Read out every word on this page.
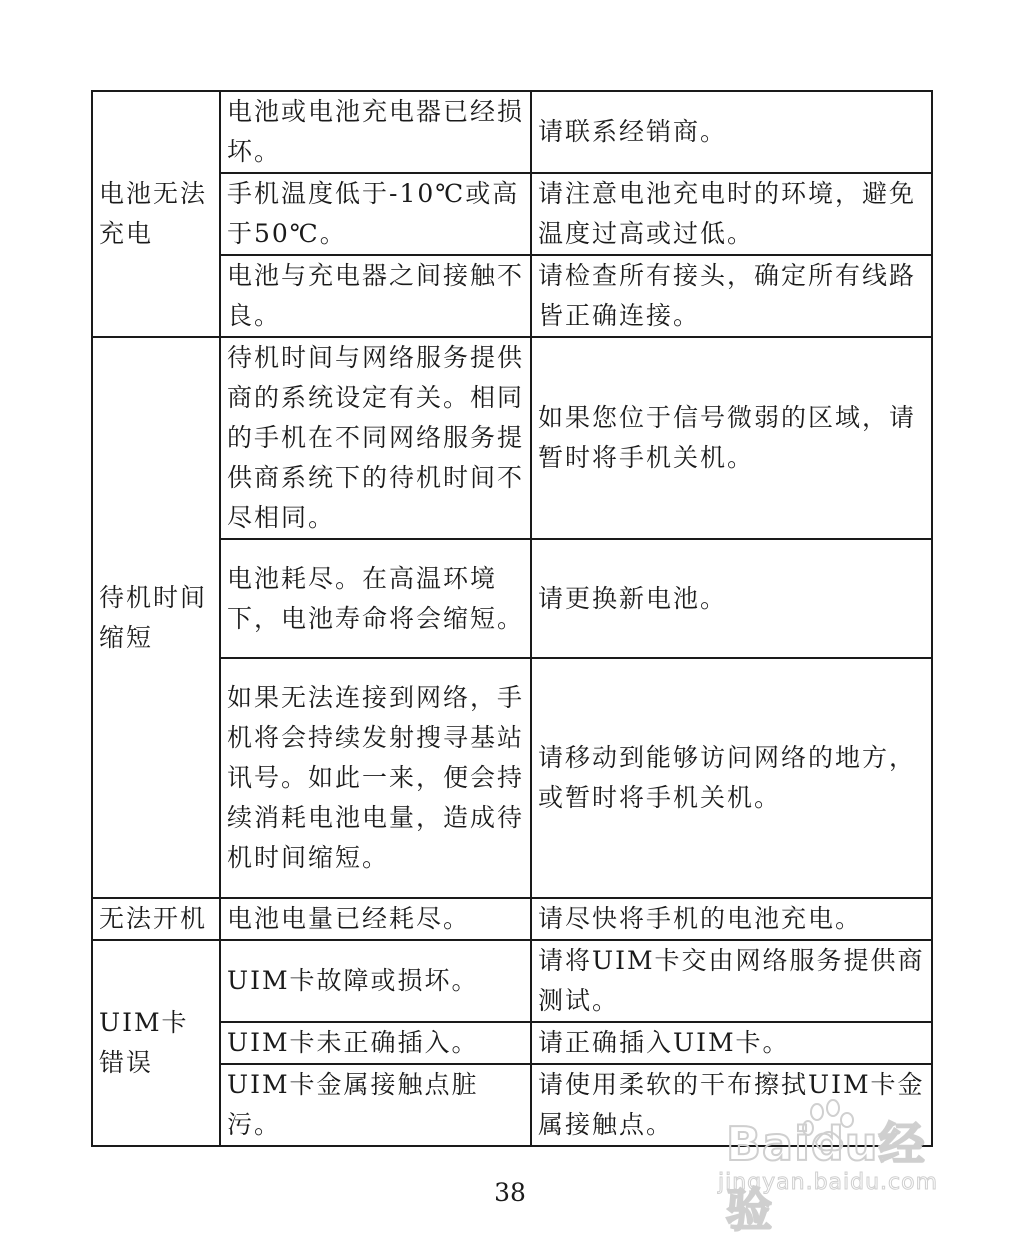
电池无法充电	电池或电池充电器已经损坏。	请联系经销商。
	手机温度低于-10℃或高于50℃。	请注意电池充电时的环境，避免温度过高或过低。
	电池与充电器之间接触不良。	请检查所有接头，确定所有线路皆正确连接。
待机时间缩短	待机时间与网络服务提供商的系统设定有关。相同的手机在不同网络服务提供商系统下的待机时间不尽相同。	如果您位于信号微弱的区域，请暂时将手机关机。
	电池耗尽。在高温环境下，电池寿命将会缩短。	请更换新电池。
	如果无法连接到网络，手机将会持续发射搜寻基站讯号。如此一来，便会持续消耗电池电量，造成待机时间缩短。	请移动到能够访问网络的地方，或暂时将手机关机。
无法开机	电池电量已经耗尽。	请尽快将手机的电池充电。
UIM卡错误	UIM卡故障或损坏。	请将UIM卡交由网络服务提供商测试。
	UIM卡未正确插入。	请正确插入UIM卡。
	UIM卡金属接触点脏污。	请使用柔软的干布擦拭UIM卡金属接触点。
38
Baidu经验
jingyan.baidu.com
